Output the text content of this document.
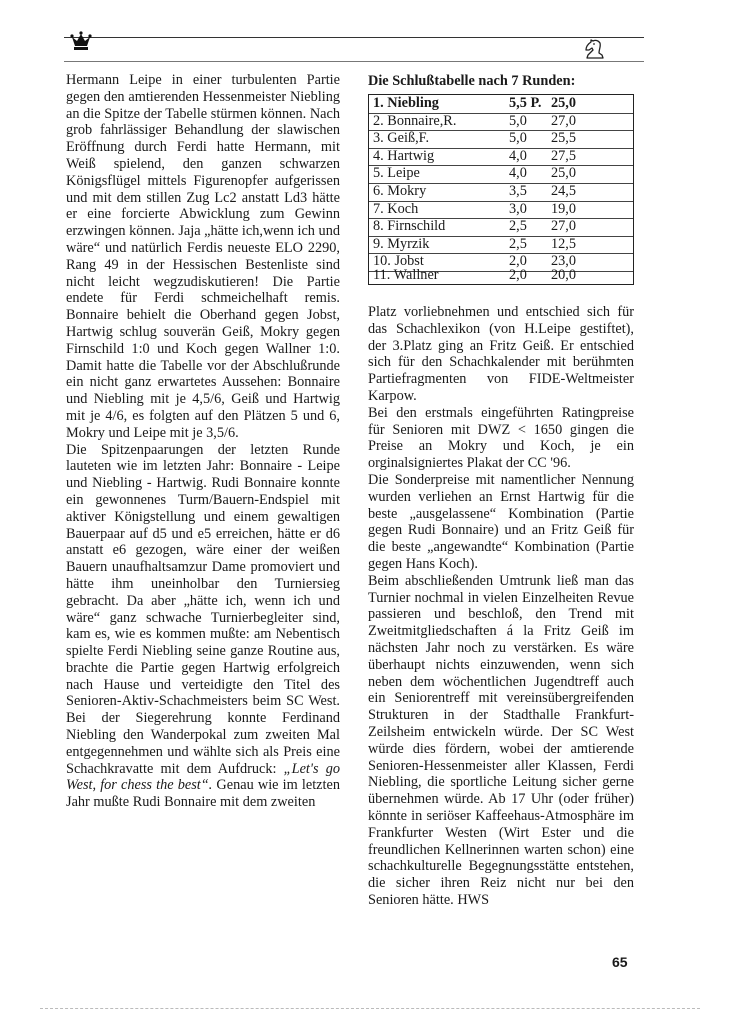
Hermann Leipe in einer turbulenten Partie gegen den amtierenden Hessenmeister Niebling an die Spitze der Tabelle stürmen können. Nach grob fahrlässiger Behandlung der slawischen Eröffnung durch Ferdi hatte Hermann, mit Weiß spielend, den ganzen schwarzen Königsflügel mittels Figurenopfer aufgerissen und mit dem stillen Zug Lc2 anstatt Ld3 hätte er eine forcierte Abwicklung zum Gewinn erzwingen können. Jaja „hätte ich,wenn ich und wäre“ und natürlich Ferdis neueste ELO 2290, Rang 49 in der Hessischen Bestenliste sind nicht leicht wegzudiskutieren! Die Partie endete für Ferdi schmeichelhaft remis. Bonnaire behielt die Oberhand gegen Jobst, Hartwig schlug souverän Geiß, Mokry gegen Firnschild 1:0 und Koch gegen Wallner 1:0. Damit hatte die Tabelle vor der Abschlußrunde ein nicht ganz erwartetes Aussehen: Bonnaire und Niebling mit je 4,5/6, Geiß und Hartwig mit je 4/6, es folgten auf den Plätzen 5 und 6, Mokry und Leipe mit je 3,5/6.

Die Spitzenpaarungen der letzten Runde lauteten wie im letzten Jahr: Bonnaire - Leipe und Niebling - Hartwig. Rudi Bonnaire konnte ein gewonnenes Turm/Bauern-Endspiel mit aktiver Königstellung und einem gewaltigen Bauerpaar auf d5 und e5 erreichen, hätte er d6 anstatt e6 gezogen, wäre einer der weißen Bauern unaufhaltsamzur Dame promoviert und hätte ihm uneinholbar den Turniersieg gebracht. Da aber „hätte ich, wenn ich und wäre“ ganz schwache Turnierbegleiter sind, kam es, wie es kommen mußte: am Nebentisch spielte Ferdi Niebling seine ganze Routine aus, brachte die Partie gegen Hartwig erfolgreich nach Hause und verteidigte den Titel des Senioren-Aktiv-Schachmeisters beim SC West. Bei der Siegerehrung konnte Ferdinand Niebling den Wanderpokal zum zweiten Mal entgegennehmen und wählte sich als Preis eine Schachkravatte mit dem Aufdruck: „Let's go West, for chess the best“. Genau wie im letzten Jahr mußte Rudi Bonnaire mit dem zweiten

Die Schlußtabelle nach 7 Runden:
1. Niebling	5,5 P. 25,0
2. Bonnaire,R.	5,0 27,0
3. Geiß,F.	5,0 25,5
4. Hartwig	4,0 27,5
5. Leipe	4,0 25,0
6. Mokry	3,5 24,5
7. Koch	3,0 19,0
8. Firnschild	2,5 27,0
9. Myrzik	2,5 12,5
10. Jobst	2,0 23,0
11. Wallner	2,0 20,0

Platz vorliebnehmen und entschied sich für das Schachlexikon (von H.Leipe gestiftet), der 3.Platz ging an Fritz Geiß. Er entschied sich für den Schachkalender mit berühmten Partiefragmenten von FIDE-Weltmeister Karpow.

Bei den erstmals eingeführten Ratingpreise für Senioren mit DWZ < 1650 gingen die Preise an Mokry und Koch, je ein orginalsigniertes Plakat der CC '96.

Die Sonderpreise mit namentlicher Nennung wurden verliehen an Ernst Hartwig für die beste „ausgelassene“ Kombination (Partie gegen Rudi Bonnaire) und an Fritz Geiß für die beste „angewandte“ Kombination (Partie gegen Hans Koch).

Beim abschließenden Umtrunk ließ man das Turnier nochmal in vielen Einzelheiten Revue passieren und beschloß, den Trend mit Zweitmitgliedschaften á la Fritz Geiß im nächsten Jahr noch zu verstärken. Es wäre überhaupt nichts einzuwenden, wenn sich neben dem wöchentlichen Jugendtreff auch ein Seniorentreff mit vereinsübergreifenden Strukturen in der Stadthalle Frankfurt-Zeilsheim entwickeln würde. Der SC West würde dies fördern, wobei der amtierende Senioren-Hessenmeister aller Klassen, Ferdi Niebling, die sportliche Leitung sicher gerne übernehmen würde. Ab 17 Uhr (oder früher) könnte in seriöser Kaffeehaus-Atmosphäre im Frankfurter Westen (Wirt Ester und die freundlichen Kellnerinnen warten schon) eine schachkulturelle Begegnungsstätte entstehen, die sicher ihren Reiz nicht nur bei den Senioren hätte. HWS

65
